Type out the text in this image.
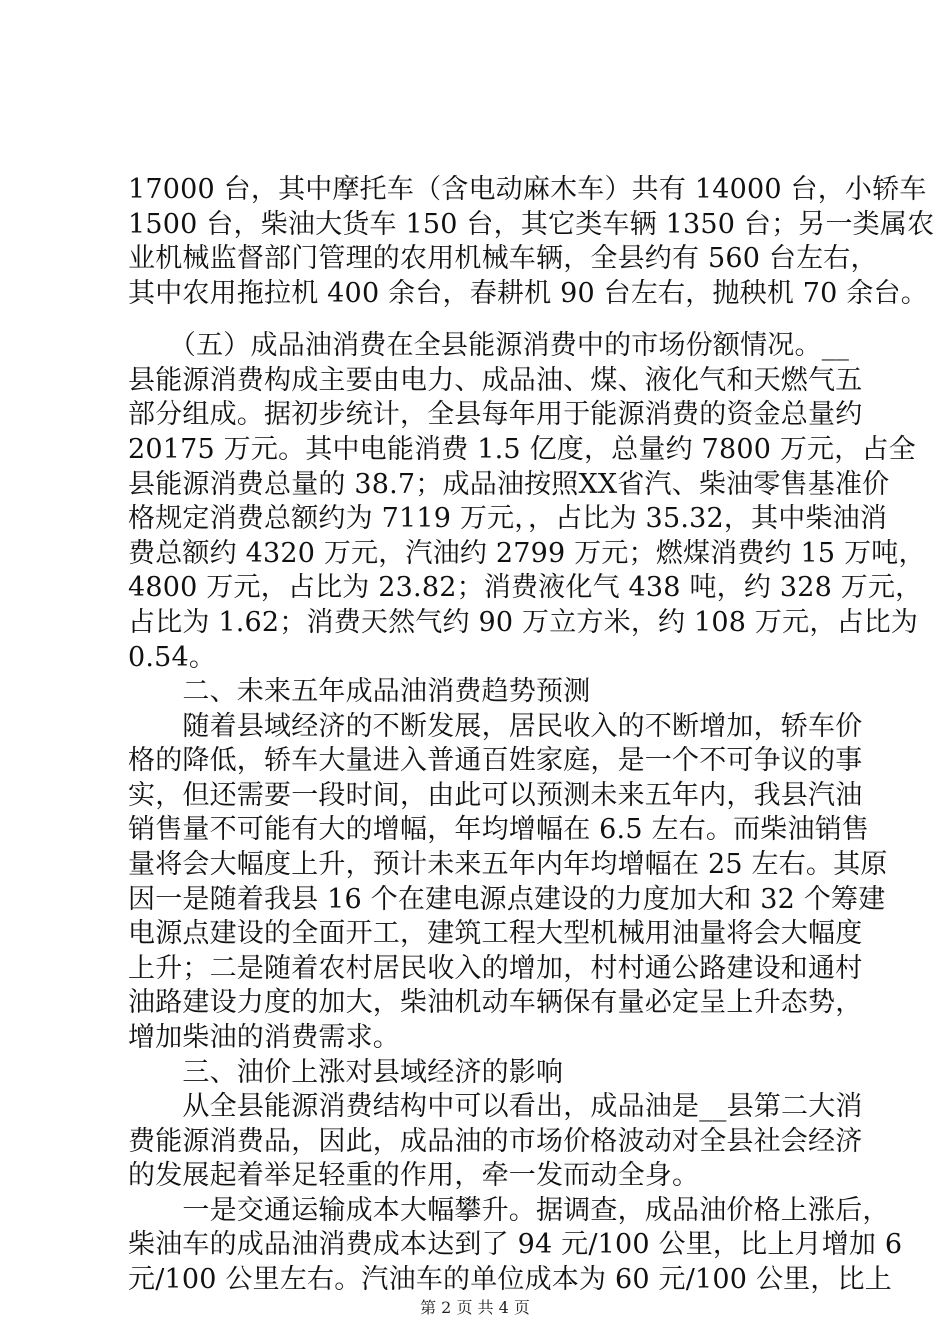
17000 台，其中摩托车（含电动麻木车）共有 14000 台，小轿车
1500 台，柴油大货车 150 台，其它类车辆 1350 台；另一类属农
业机械监督部门管理的农用机械车辆，全县约有 560 台左右，
其中农用拖拉机 400 余台，春耕机 90 台左右，抛秧机 70 余台。
　　（五）成品油消费在全县能源消费中的市场份额情况。__
县能源消费构成主要由电力、成品油、煤、液化气和天燃气五
部分组成。据初步统计，全县每年用于能源消费的资金总量约
20175 万元。其中电能消费 1.5 亿度，总量约 7800 万元，占全
县能源消费总量的 38.7；成品油按照XX省汽、柴油零售基准价
格规定消费总额约为 7119 万元，，占比为 35.32，其中柴油消
费总额约 4320 万元，汽油约 2799 万元；燃煤消费约 15 万吨，
4800 万元，占比为 23.82；消费液化气 438 吨，约 328 万元，
占比为 1.62；消费天然气约 90 万立方米，约 108 万元，占比为
0.54。
　　二、未来五年成品油消费趋势预测
　　随着县域经济的不断发展，居民收入的不断增加，轿车价
格的降低，轿车大量进入普通百姓家庭，是一个不可争议的事
实，但还需要一段时间，由此可以预测未来五年内，我县汽油
销售量不可能有大的增幅，年均增幅在 6.5 左右。而柴油销售
量将会大幅度上升，预计未来五年内年均增幅在 25 左右。其原
因一是随着我县 16 个在建电源点建设的力度加大和 32 个筹建
电源点建设的全面开工，建筑工程大型机械用油量将会大幅度
上升；二是随着农村居民收入的增加，村村通公路建设和通村
油路建设力度的加大，柴油机动车辆保有量必定呈上升态势，
增加柴油的消费需求。
　　三、油价上涨对县域经济的影响
　　从全县能源消费结构中可以看出，成品油是__县第二大消
费能源消费品，因此，成品油的市场价格波动对全县社会经济
的发展起着举足轻重的作用，牵一发而动全身。
　　一是交通运输成本大幅攀升。据调查，成品油价格上涨后，
柴油车的成品油消费成本达到了 94 元/100 公里，比上月增加 6
元/100 公里左右。汽油车的单位成本为 60 元/100 公里，比上
第 2 页 共 4 页
